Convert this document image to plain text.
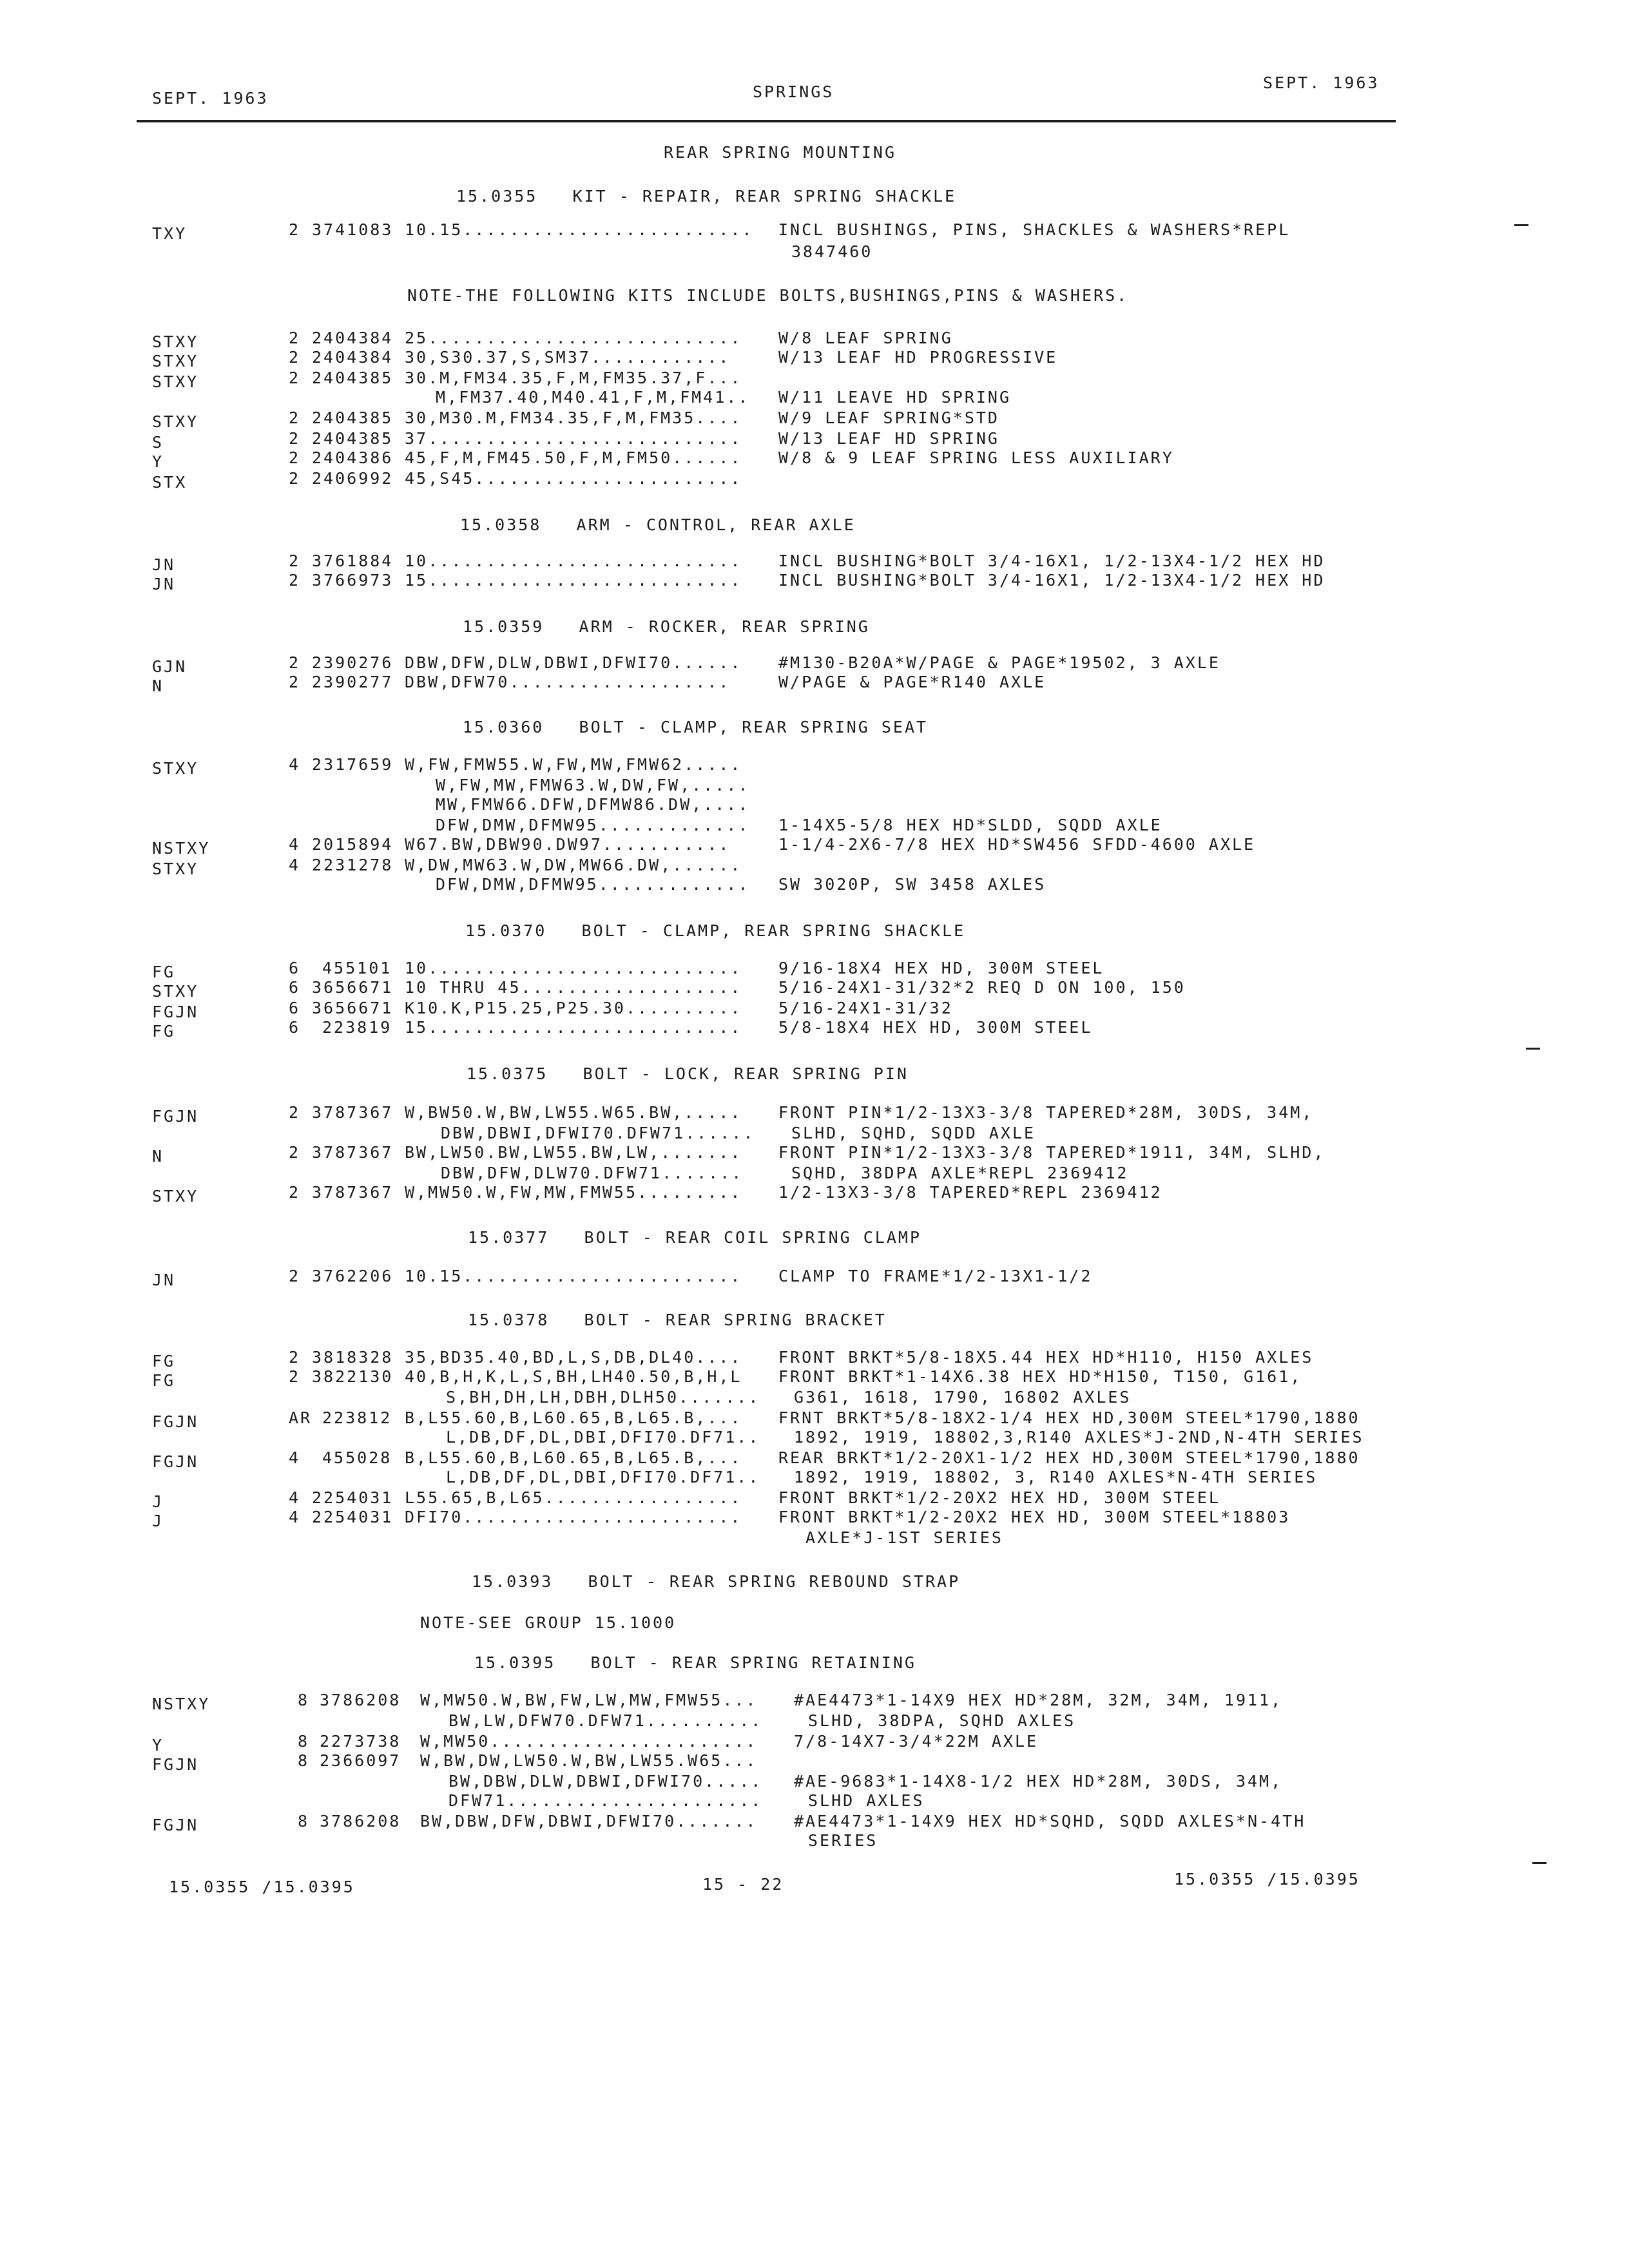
SEPT. 1963	SPRINGS	SEPT. 1963
REAR SPRING MOUNTING
15.0355 KIT - REPAIR, REAR SPRING SHACKLE
15.0358 ARM - CONTROL, REAR AXLE
15.0359 ARM - ROCKER, REAR SPRING
15.0360 BOLT - CLAMP, REAR SPRING SEAT
15.0370 BOLT - CLAMP, REAR SPRING SHACKLE
15.0375 BOLT - LOCK, REAR SPRING PIN
15.0377 BOLT - REAR COIL SPRING CLAMP
15.0378 BOLT - REAR SPRING BRACKET
15.0393 BOLT - REAR SPRING REBOUND STRAP
15.0395 BOLT - REAR SPRING RETAINING
NOTE-THE FOLLOWING KITS INCLUDE BOLTS,BUSHINGS,PINS & WASHERS.
NOTE-SEE GROUP 15.1000
TXY	2 3741083 10.15......................... INCL BUSHINGS, PINS, SHACKLES & WASHERS*REPL
3847460
STXY	2 2404384 25........................... W/8 LEAF SPRING
STXY	2 2404384 30,S30.37,S,SM37............	W/13 LEAF HD PROGRESSIVE
STXY	2 2404385 30.M,FM34.35,F,M,FM35.37,F...
M,FM37.40,M40.41,F,M,FM41.. W/11 LEAVE HD SPRING
STXY	2 2404385 30,M30.M,FM34.35,F,M,FM35.... W/9 LEAF SPRING*STD
S	2 2404385 37........................... W/13 LEAF HD SPRING
Y	2 2404386 45,F,M,FM45.50,F,M,FM50...... W/8 & 9 LEAF SPRING LESS AUXILIARY
STX	2 2406992 45,S45.......................
JN	2 3761884 10........................... INCL BUSHING*BOLT 3/4-16X1, 1/2-13X4-1/2 HEX HD
JN	2 3766973 15........................... INCL BUSHING*BOLT 3/4-16X1, 1/2-13X4-1/2 HEX HD
GJN	2 2390276 DBW,DFW,DLW,DBWI,DFWI70...... #M130-B20A*W/PAGE & PAGE*19502, 3 AXLE
N	2 2390277 DBW,DFW70...................	W/PAGE & PAGE*R140 AXLE
STXY	4 2317659 W,FW,FMW55.W,FW,MW,FMW62.....
W,FW,MW,FMW63.W,DW,FW,.....
MW,FMW66.DFW,DFMW86.DW,....
DFW,DMW,DFMW95............. 1-14X5-5/8 HEX HD*SLDD, SQDD AXLE
NSTXY	4 2015894 W67.BW,DBW90.DW97...........	1-1/4-2X6-7/8 HEX HD*SW456 SFDD-4600 AXLE
STXY	4 2231278 W,DW,MW63.W,DW,MW66.DW,......
DFW,DMW,DFMW95............. SW 3020P, SW 3458 AXLES
FG	6 455101 10........................... 9/16-18X4 HEX HD, 300M STEEL
STXY	6 3656671 10 THRU 45................... 5/16-24X1-31/32*2 REQ D ON 100, 150
FGJN	6 3656671 K10.K,P15.25,P25.30.......... 5/16-24X1-31/32
FG	6 223819 15........................... 5/8-18X4 HEX HD, 300M STEEL
FGJN	2 3787367 W,BW50.W,BW,LW55.W65.BW,..... FRONT PIN*1/2-13X3-3/8 TAPERED*28M, 30DS, 34M,
DBW,DBWI,DFWI70.DFW71...... SLHD, SQHD, SQDD AXLE
N	2 3787367 BW,LW50.BW,LW55.BW,LW,....... FRONT PIN*1/2-13X3-3/8 TAPERED*1911, 34M, SLHD,
DBW,DFW,DLW70.DFW71.......	SQHD, 38DPA AXLE*REPL 2369412
STXY	2 3787367 W,MW50.W,FW,MW,FMW55......... 1/2-13X3-3/8 TAPERED*REPL 2369412
JN	2 3762206 10.15........................ CLAMP TO FRAME*1/2-13X1-1/2
FG	2 3818328 35,BD35.40,BD,L,S,DB,DL40.... FRONT BRKT*5/8-18X5.44 HEX HD*H110, H150 AXLES
FG	2 3822130 40,B,H,K,L,S,BH,LH40.50,B,H,L FRONT BRKT*1-14X6.38 HEX HD*H150, T150, G161,
S,BH,DH,LH,DBH,DLH50....... G361, 1618, 1790, 16802 AXLES
FGJN	AR 223812 B,L55.60,B,L60.65,B,L65.B,... FRNT BRKT*5/8-18X2-1/4 HEX HD,300M STEEL*1790,1880
L,DB,DF,DL,DBI,DFI70.DF71.. 1892, 1919, 18802,3,R140 AXLES*J-2ND,N-4TH SERIES
FGJN	4 455028 B,L55.60,B,L60.65,B,L65.B,... REAR BRKT*1/2-20X1-1/2 HEX HD,300M STEEL*1790,1880
L,DB,DF,DL,DBI,DFI70.DF71.. 1892, 1919, 18802, 3, R140 AXLES*N-4TH SERIES
J	4 2254031 L55.65,B,L65................. FRONT BRKT*1/2-20X2 HEX HD, 300M STEEL
J	4 2254031 DFI70........................ FRONT BRKT*1/2-20X2 HEX HD, 300M STEEL*18803
AXLE*J-1ST SERIES
NSTXY	8 3786208 W,MW50.W,BW,FW,LW,MW,FMW55... #AE4473*1-14X9 HEX HD*28M, 32M, 34M, 1911,
BW,LW,DFW70.DFW71..........	SLHD, 38DPA, SQHD AXLES
Y	8 2273738 W,MW50....................... 7/8-14X7-3/4*22M AXLE
FGJN	8 2366097 W,BW,DW,LW50.W,BW,LW55.W65...
BW,DBW,DLW,DBWI,DFWI70..... #AE-9683*1-14X8-1/2 HEX HD*28M, 30DS, 34M,
DFW71......................	SLHD AXLES
FGJN	8 3786208 BW,DBW,DFW,DBWI,DFWI70....... #AE4473*1-14X9 HEX HD*SQHD, SQDD AXLES*N-4TH
SERIES
15.0355 /15.0395	15 - 22	15.0355 /15.0395
